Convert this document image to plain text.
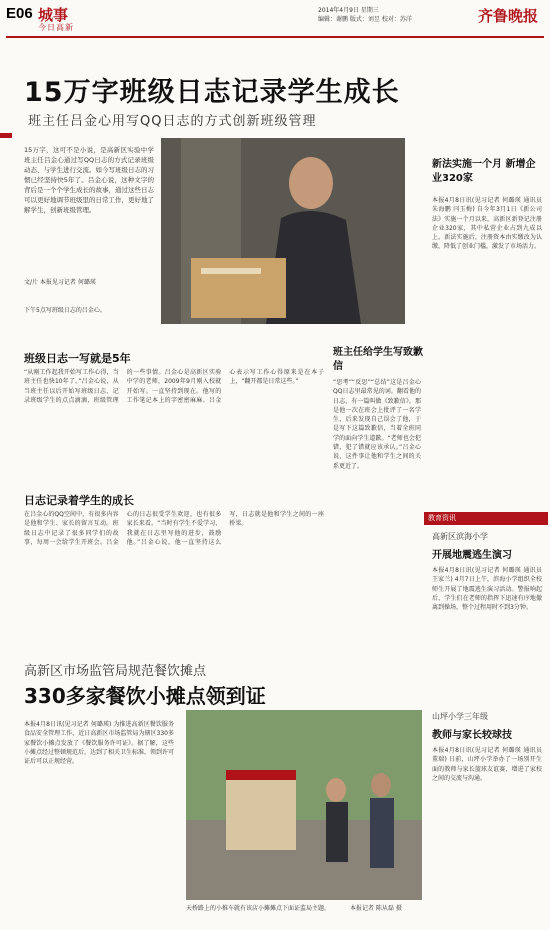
E06 城事
今日高新
2014年4月9日 星期三
编辑：谢鹏 版式：刘昱 校对：苏洋	齐鲁晚报
15万字班级日志记录学生成长
班主任吕金心用写QQ日志的方式创新班级管理
15万字，这可不是小说，是高新区实验中学班主任吕金心通过写QQ日志的方式记录班级动态、与学生进行交流。如今写班级日志的习惯已经坚持快5年了。吕金心说，这种文字的背后是一个个学生成长的故事，通过这些日志可以更好地调节班级里的日常工作，更好地了解学生，创新班级管理。
文/片 本报见习记者 何璐瑛
下午5点写班级日志的吕金心。
班级日志一写就是5年
“从刚工作起我开始写工作心得，当班主任也快10年了。”吕金心说，从当班主任以后开始写班级日志，记录班级学生的点点滴滴，班级管理的一些事情。吕金心是高新区实验中学的老师，2009年9月刚入校就开始写。一直坚持到现在。他写的工作笔记本上的字密密麻麻。吕金心表示写工作心得原来是在本子上，“翻开都是日常这些。”
日志记录着学生的成长
在吕金心的QQ空间中，有很多内容是他和学生、家长的留言互动。班级日志中记录了很多同学们的故事，每周一会给学生开班会。吕金心的日志很受学生欢迎，也有很多家长来看。“当时有学生不爱学习，我就在日志里写他的进步，鼓励他。”吕金心说，他一直坚持这么写，日志就是他和学生之间的一座桥梁。
班主任给学生写致歉信
“思考”“反思”“总结”这是吕金心QQ日志里最常见的词。翻看他的日志，有一篇叫做《致歉信》。那是他一次在班会上批评了一名学生，后来发现自己误会了他，于是写下这篇致歉信，当着全班同学的面向学生道歉。“老师也会犯错，犯了错就应该承认。”吕金心说，这件事让他和学生之间的关系更近了。
新法实施一个月 新增企业320家
本报4月8日讯(见习记者 何璐瑛 通讯员 朱海鹏 闫玉梅) 自今年3月1日《新公司法》实施一个月以来，高新区新登记注册企业320家，其中私营企业占到九成以上。新法实施后，注册资本由实缴改为认缴，降低了创业门槛，激发了市场活力。
教育资讯
高新区滨海小学
开展地震逃生演习
本报4月8日讯(见习记者 何璐瑛 通讯员 王家兰) 4月7日上午，滨海小学组织全校师生开展了地震逃生演习活动。警报响起后，学生们在老师的指挥下迅速有序地撤离到操场，整个过程用时不到3分钟。
山坪小学三年级
教师与家长较球技
本报4月8日讯(见习记者 何璐瑛 通讯员 董瑞) 日前，山坪小学举办了一场别开生面的教师与家长篮球友谊赛，增进了家校之间的交流与沟通。
高新区市场监管局规范餐饮摊点
330多家餐饮小摊点领到证
本报4月8日讯(见习记者 何璐瑛) 为推进高新区餐饮服务食品安全管理工作，近日高新区市场监管局为辖区330多家餐饮小摊点发放了《餐饮服务许可证》。据了解，这些小摊点经过整顿规范后，达到了相关卫生标准，领到许可证后可以正规经营。
天桥路上的小推车就有该店小摊摊点下面证监局主题。	本报记者 陈从磊 摄
